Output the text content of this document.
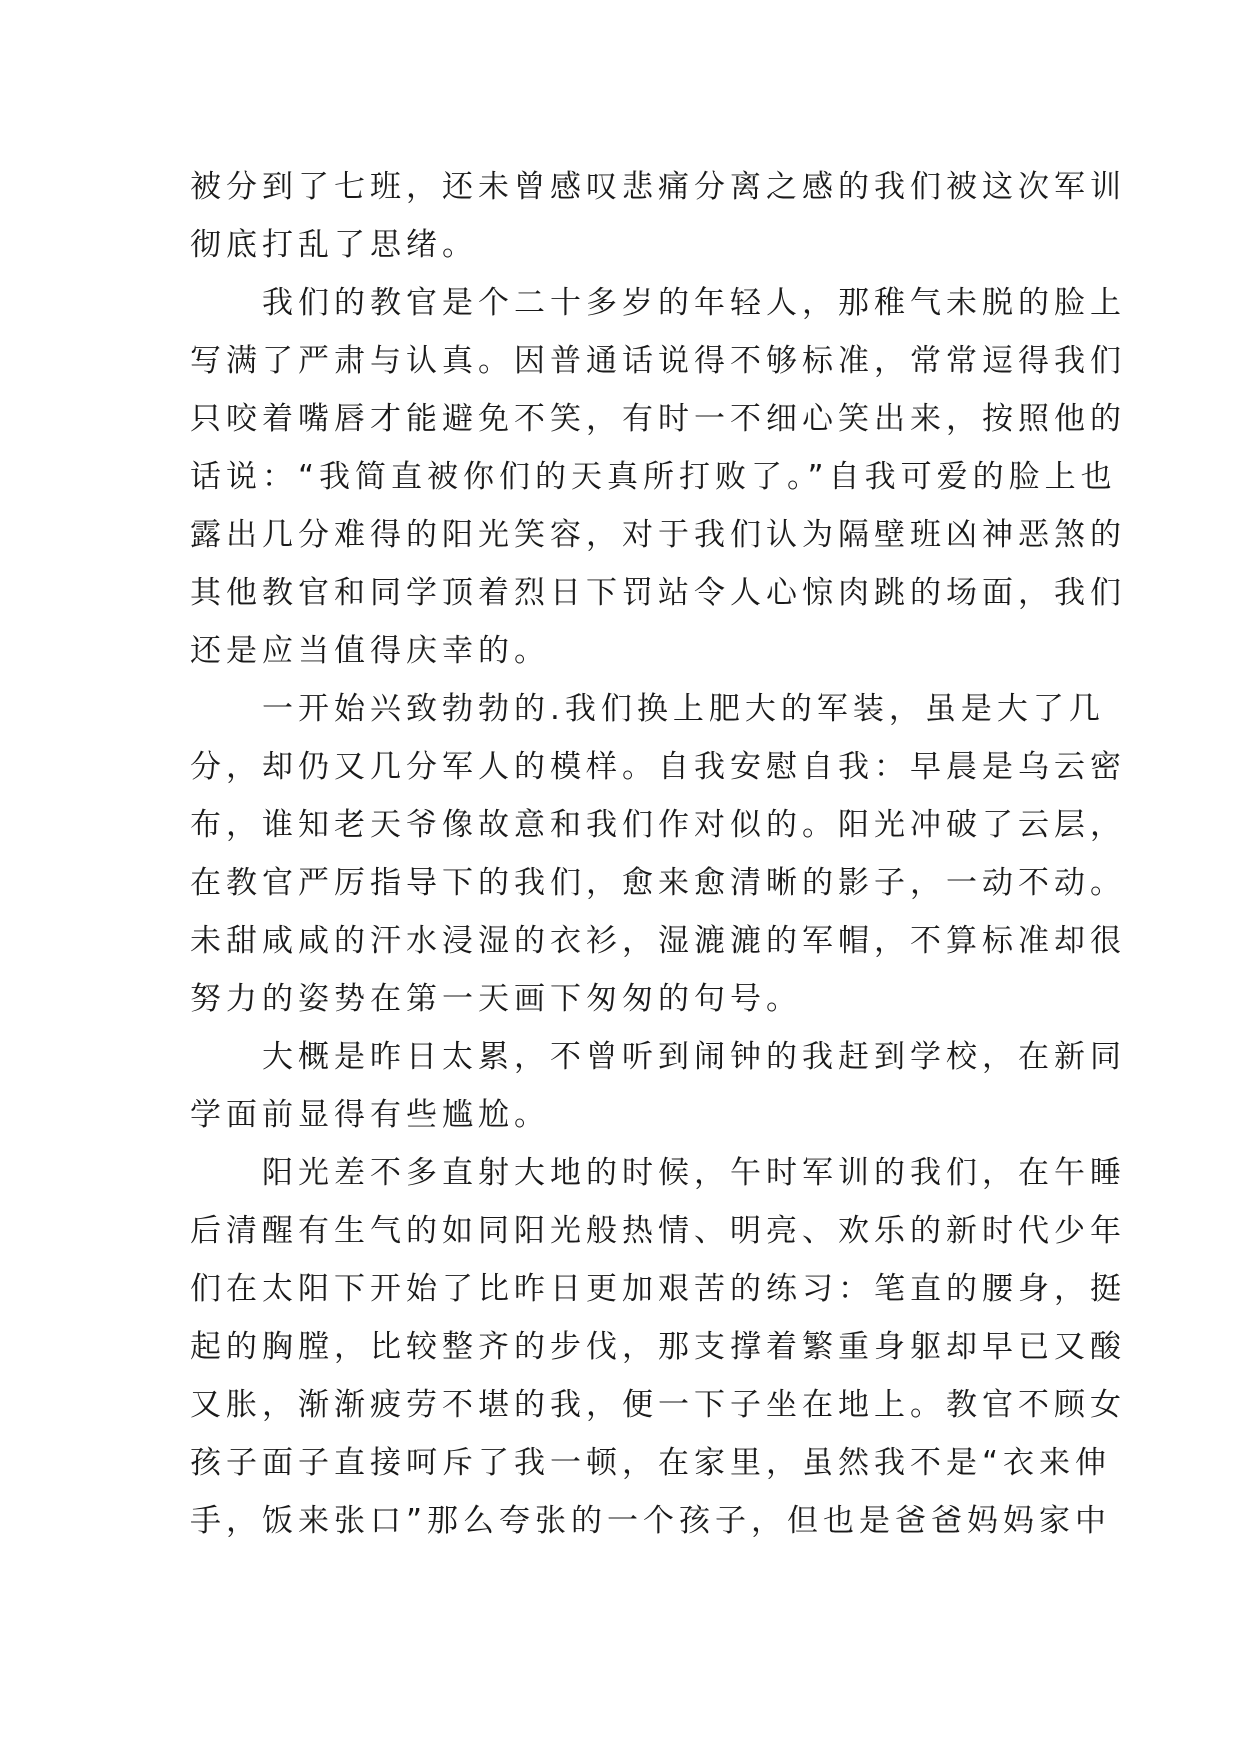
被分到了七班，还未曾感叹悲痛分离之感的我们被这次军训
彻底打乱了思绪。
　　我们的教官是个二十多岁的年轻人，那稚气未脱的脸上
写满了严肃与认真。因普通话说得不够标准，常常逗得我们
只咬着嘴唇才能避免不笑，有时一不细心笑出来，按照他的
话说：“我简直被你们的天真所打败了。”自我可爱的脸上也
露出几分难得的阳光笑容，对于我们认为隔壁班凶神恶煞的
其他教官和同学顶着烈日下罚站令人心惊肉跳的场面，我们
还是应当值得庆幸的。
　　一开始兴致勃勃的.我们换上肥大的军装，虽是大了几
分，却仍又几分军人的模样。自我安慰自我：早晨是乌云密
布，谁知老天爷像故意和我们作对似的。阳光冲破了云层，
在教官严厉指导下的我们，愈来愈清晰的影子，一动不动。
未甜咸咸的汗水浸湿的衣衫，湿漉漉的军帽，不算标准却很
努力的姿势在第一天画下匆匆的句号。
　　大概是昨日太累，不曾听到闹钟的我赶到学校，在新同
学面前显得有些尴尬。
　　阳光差不多直射大地的时候，午时军训的我们，在午睡
后清醒有生气的如同阳光般热情、明亮、欢乐的新时代少年
们在太阳下开始了比昨日更加艰苦的练习：笔直的腰身，挺
起的胸膛，比较整齐的步伐，那支撑着繁重身躯却早已又酸
又胀，渐渐疲劳不堪的我，便一下子坐在地上。教官不顾女
孩子面子直接呵斥了我一顿，在家里，虽然我不是“衣来伸
手，饭来张口”那么夸张的一个孩子，但也是爸爸妈妈家中
